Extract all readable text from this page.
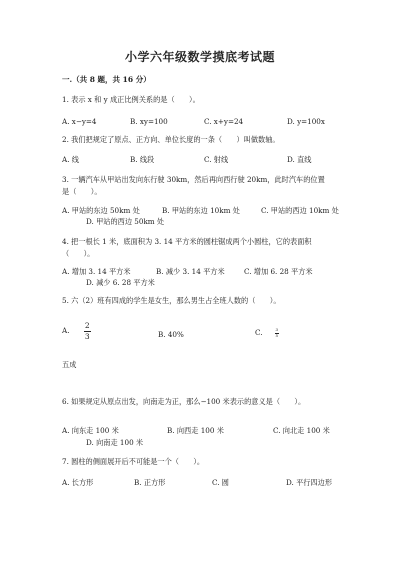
小学六年级数学摸底考试题
一.（共 8 题，共 16 分）
1. 表示 x 和 y 成正比例关系的是（　　）。
A. x−y=4	B. xy=100	C. x+y=24	D. y=100x
2. 我们把规定了原点、正方向、单位长度的一条（　　）叫做数轴。
A. 线	B. 线段	C. 射线	D. 直线
3. 一辆汽车从甲站出发向东行驶 30km，然后再向西行驶 20km，此时汽车的位置
是（　　）。
A. 甲站的东边 50km 处	B. 甲站的东边 10km 处	C. 甲站的西边 10km 处
D. 甲站的西边 50km 处
4. 把一根长 1 米，底面积为 3. 14 平方米的圆柱锯成两个小圆柱，它的表面积
（　　）。
A. 增加 3. 14 平方米	B. 减少 3. 14 平方米	C. 增加 6. 28 平方米
D. 减少 6. 28 平方米
5. 六（2）班有四成的学生是女生，那么男生占全班人数的（　　）。
A. $\frac{2}{3}$	B. 40%	C.	$\frac{3}{5}$
五成
6. 如果规定从原点出发，向南走为正，那么−100 米表示的意义是（　　）。
A. 向东走 100 米	B. 向西走 100 米	C. 向北走 100 米
D. 向南走 100 米
7. 圆柱的侧面展开后不可能是一个（　　）。
A. 长方形	B. 正方形	C. 圆	D. 平行四边形
